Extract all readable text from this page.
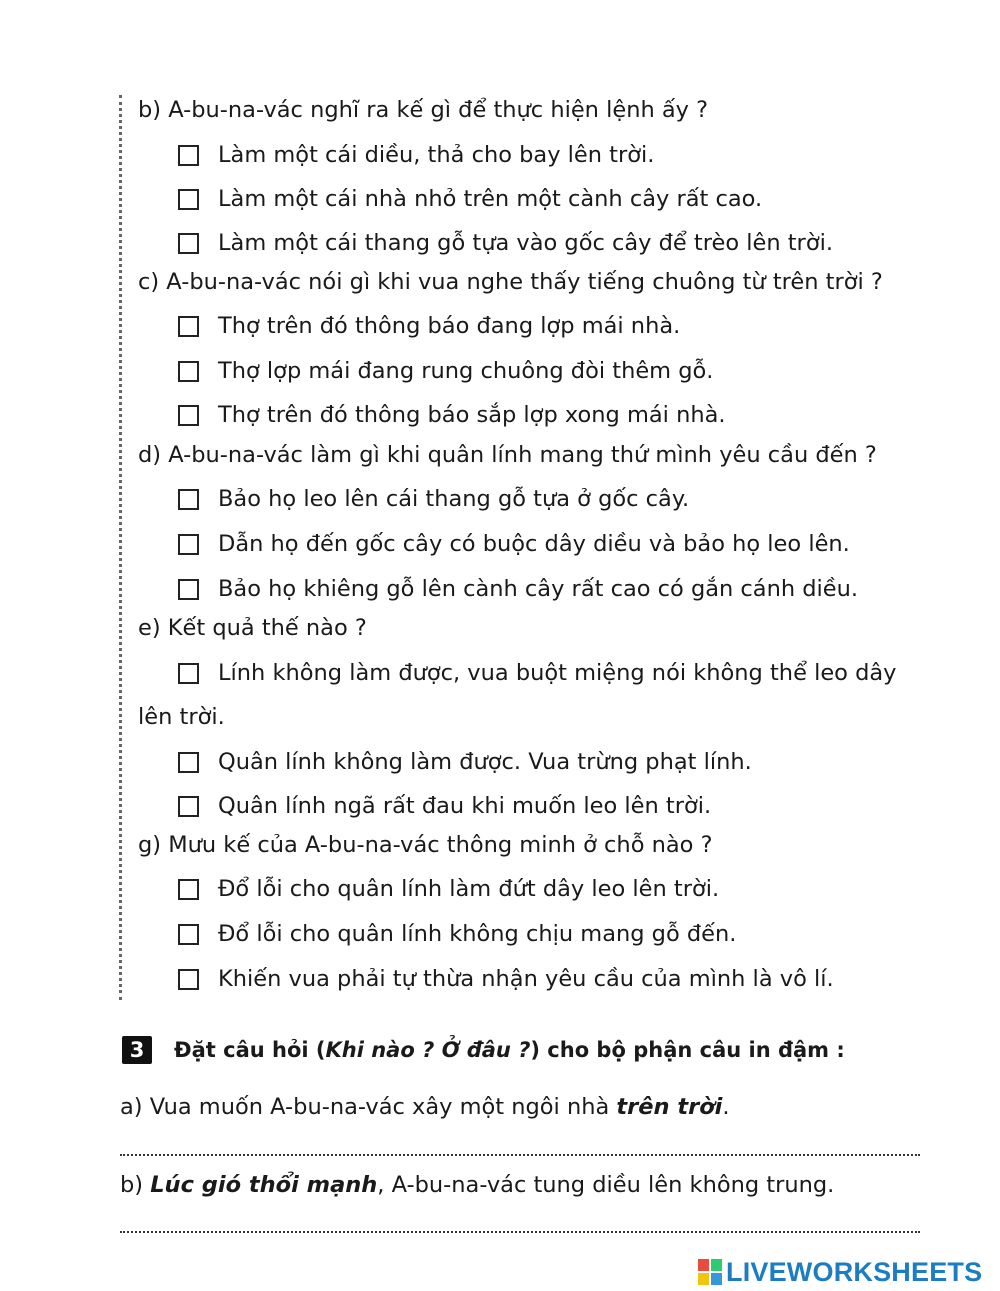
b) A-bu-na-vác nghĩ ra kế gì để thực hiện lệnh ấy ?
Làm một cái diều, thả cho bay lên trời.
Làm một cái nhà nhỏ trên một cành cây rất cao.
Làm một cái thang gỗ tựa vào gốc cây để trèo lên trời.
c) A-bu-na-vác nói gì khi vua nghe thấy tiếng chuông từ trên trời ?
Thợ trên đó thông báo đang lợp mái nhà.
Thợ lợp mái đang rung chuông đòi thêm gỗ.
Thợ trên đó thông báo sắp lợp xong mái nhà.
d) A-bu-na-vác làm gì khi quân lính mang thứ mình yêu cầu đến ?
Bảo họ leo lên cái thang gỗ tựa ở gốc cây.
Dẫn họ đến gốc cây có buộc dây diều và bảo họ leo lên.
Bảo họ khiêng gỗ lên cành cây rất cao có gắn cánh diều.
e) Kết quả thế nào ?
Lính không làm được, vua buột miệng nói không thể leo dây
lên trời.
Quân lính không làm được. Vua trừng phạt lính.
Quân lính ngã rất đau khi muốn leo lên trời.
g) Mưu kế của A-bu-na-vác thông minh ở chỗ nào ?
Đổ lỗi cho quân lính làm đứt dây leo lên trời.
Đổ lỗi cho quân lính không chịu mang gỗ đến.
Khiến vua phải tự thừa nhận yêu cầu của mình là vô lí.
3	Đặt câu hỏi ( Khi nào ? Ở đâu ? ) cho bộ phận câu in đậm :
a) Vua muốn A-bu-na-vác xây một ngôi nhà trên trời.
b) Lúc gió thổi mạnh, A-bu-na-vác tung diều lên không trung.
LIVEWORKSHEETS
